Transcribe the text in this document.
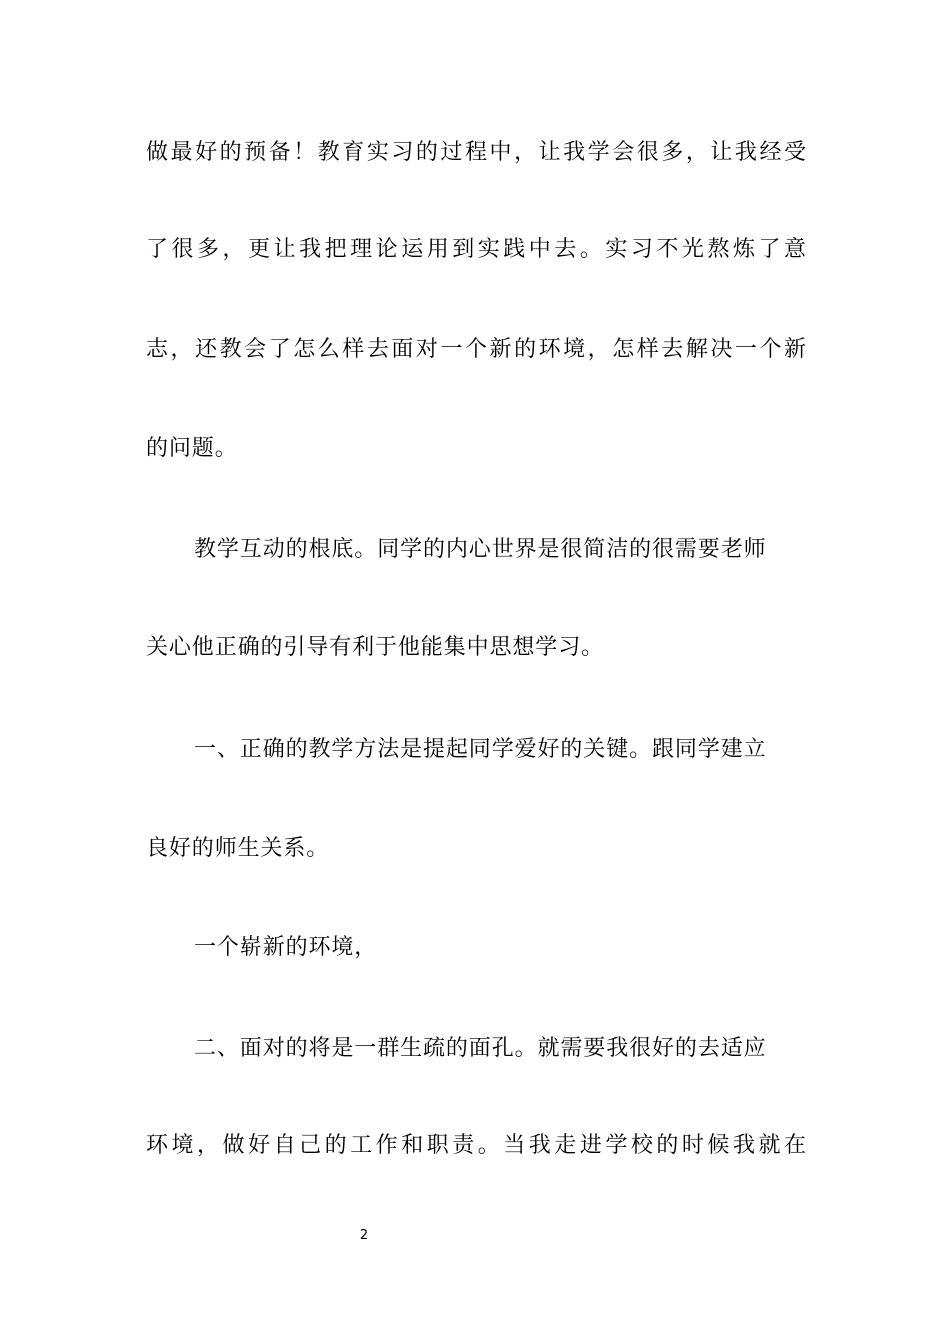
做最好的预备！教育实习的过程中，让我学会很多，让我经受
了很多，更让我把理论运用到实践中去。实习不光熬炼了意
志，还教会了怎么样去面对一个新的环境，怎样去解决一个新
的问题。
教学互动的根底。同学的内心世界是很简洁的很需要老师
关心他正确的引导有利于他能集中思想学习。
一、正确的教学方法是提起同学爱好的关键。跟同学建立
良好的师生关系。
一个崭新的环境，
二、面对的将是一群生疏的面孔。就需要我很好的去适应
环境，做好自己的工作和职责。当我走进学校的时候我就在
2
